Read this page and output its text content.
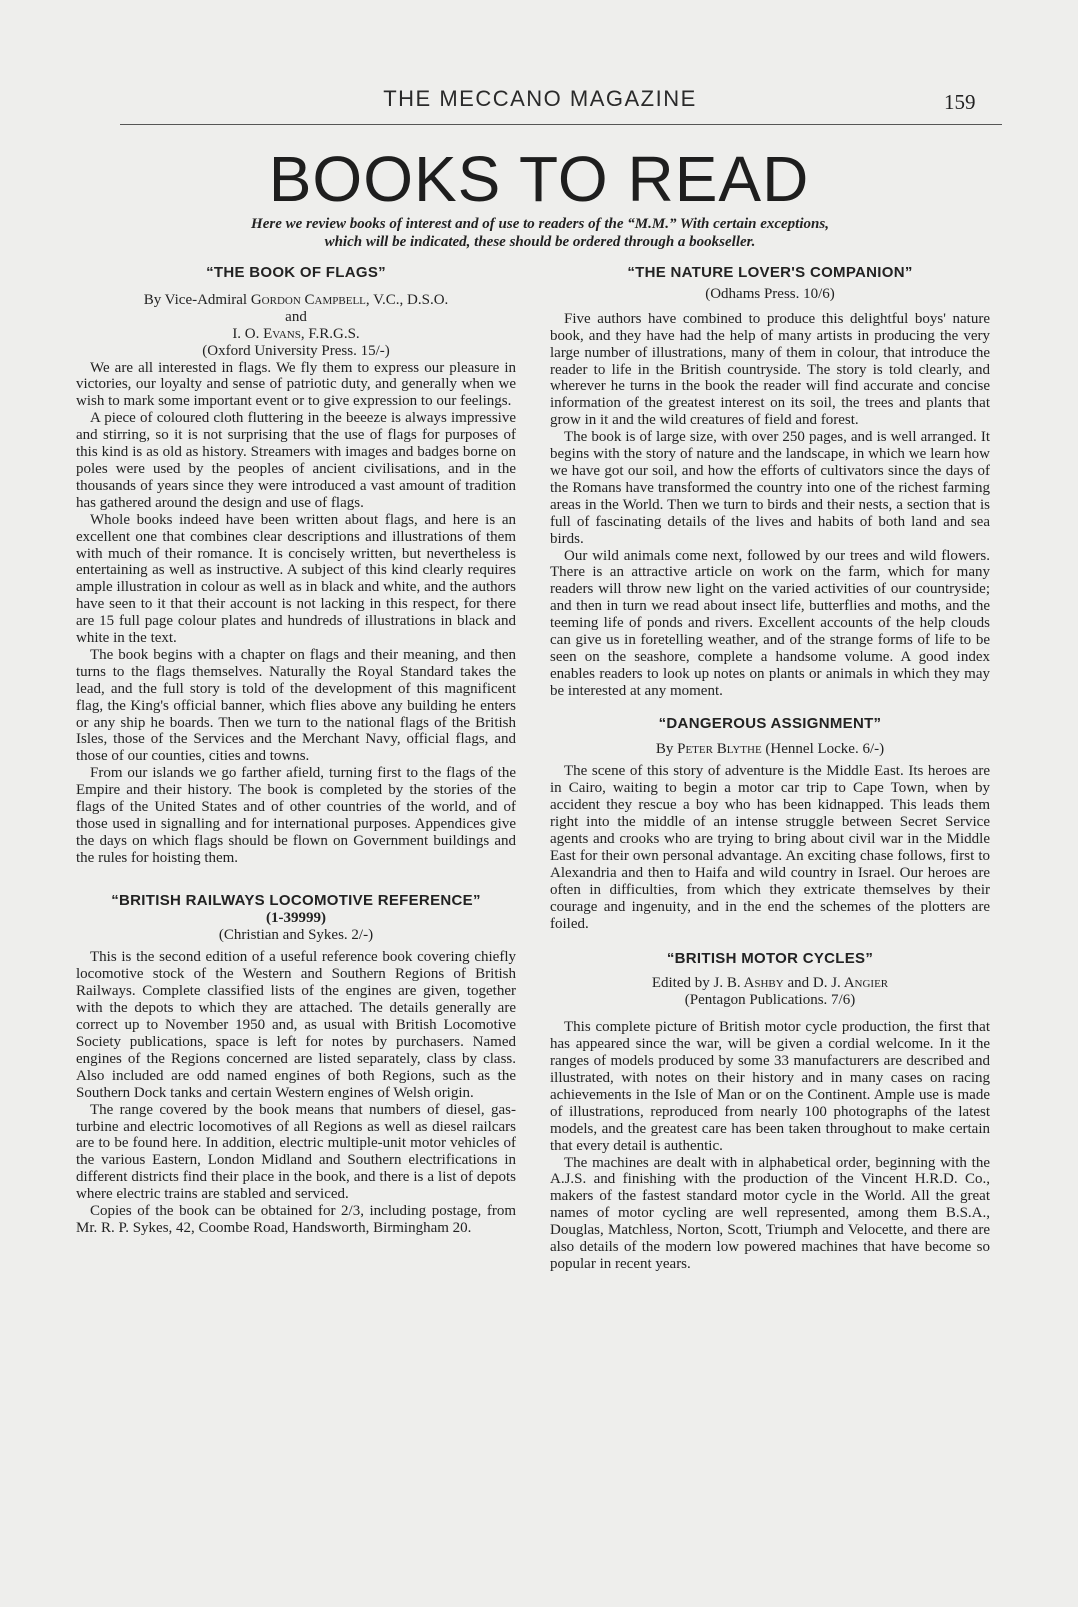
THE MECCANO MAGAZINE	159
BOOKS TO READ
Here we review books of interest and of use to readers of the “M.M.” With certain exceptions,
which will be indicated, these should be ordered through a bookseller.
“THE BOOK OF FLAGS”

By Vice-Admiral Gordon Campbell, V.C., D.S.O.

and

I. O. Evans, F.R.G.S.

(Oxford University Press. 15/-)

We are all interested in flags. We fly them to express our pleasure in victories, our loyalty and sense of patriotic duty, and generally when we wish to mark some important event or to give expression to our feelings.

A piece of coloured cloth fluttering in the beeeze is always impressive and stirring, so it is not surprising that the use of flags for purposes of this kind is as old as history. Streamers with images and badges borne on poles were used by the peoples of ancient civilisations, and in the thousands of years since they were introduced a vast amount of tradition has gathered around the design and use of flags.

Whole books indeed have been written about flags, and here is an excellent one that combines clear descriptions and illustrations of them with much of their romance. It is concisely written, but nevertheless is entertaining as well as instructive. A subject of this kind clearly requires ample illustration in colour as well as in black and white, and the authors have seen to it that their account is not lacking in this respect, for there are 15 full page colour plates and hundreds of illustrations in black and white in the text.

The book begins with a chapter on flags and their meaning, and then turns to the flags themselves. Naturally the Royal Standard takes the lead, and the full story is told of the development of this magnificent flag, the King's official banner, which flies above any building he enters or any ship he boards. Then we turn to the national flags of the British Isles, those of the Services and the Merchant Navy, official flags, and those of our counties, cities and towns.

From our islands we go farther afield, turning first to the flags of the Empire and their history. The book is completed by the stories of the flags of the United States and of other countries of the world, and of those used in signalling and for international purposes. Appendices give the days on which flags should be flown on Government buildings and the rules for hoisting them.

“BRITISH RAILWAYS LOCOMOTIVE REFERENCE”

(1-39999)

(Christian and Sykes. 2/-)

This is the second edition of a useful reference book covering chiefly locomotive stock of the Western and Southern Regions of British Railways. Complete classified lists of the engines are given, together with the depots to which they are attached. The details generally are correct up to November 1950 and, as usual with British Locomotive Society publications, space is left for notes by purchasers. Named engines of the Regions concerned are listed separately, class by class. Also included are odd named engines of both Regions, such as the Southern Dock tanks and certain Western engines of Welsh origin.

The range covered by the book means that numbers of diesel, gas-turbine and electric locomotives of all Regions as well as diesel railcars are to be found here. In addition, electric multiple-unit motor vehicles of the various Eastern, London Midland and Southern electrifications in different districts find their place in the book, and there is a list of depots where electric trains are stabled and serviced.

Copies of the book can be obtained for 2/3, including postage, from Mr. R. P. Sykes, 42, Coombe Road, Handsworth, Birmingham 20.

“THE NATURE LOVER'S COMPANION”

(Odhams Press. 10/6)

Five authors have combined to produce this delightful boys' nature book, and they have had the help of many artists in producing the very large number of illustrations, many of them in colour, that introduce the reader to life in the British countryside. The story is told clearly, and wherever he turns in the book the reader will find accurate and concise information of the greatest interest on its soil, the trees and plants that grow in it and the wild creatures of field and forest.

The book is of large size, with over 250 pages, and is well arranged. It begins with the story of nature and the landscape, in which we learn how we have got our soil, and how the efforts of cultivators since the days of the Romans have transformed the country into one of the richest farming areas in the World. Then we turn to birds and their nests, a section that is full of fascinating details of the lives and habits of both land and sea birds.

Our wild animals come next, followed by our trees and wild flowers. There is an attractive article on work on the farm, which for many readers will throw new light on the varied activities of our countryside; and then in turn we read about insect life, butterflies and moths, and the teeming life of ponds and rivers. Excellent accounts of the help clouds can give us in foretelling weather, and of the strange forms of life to be seen on the seashore, complete a handsome volume. A good index enables readers to look up notes on plants or animals in which they may be interested at any moment.

“DANGEROUS ASSIGNMENT”

By Peter Blythe (Hennel Locke. 6/-)

The scene of this story of adventure is the Middle East. Its heroes are in Cairo, waiting to begin a motor car trip to Cape Town, when by accident they rescue a boy who has been kidnapped. This leads them right into the middle of an intense struggle between Secret Service agents and crooks who are trying to bring about civil war in the Middle East for their own personal advantage. An exciting chase follows, first to Alexandria and then to Haifa and wild country in Israel. Our heroes are often in difficulties, from which they extricate themselves by their courage and ingenuity, and in the end the schemes of the plotters are foiled.

“BRITISH MOTOR CYCLES”

Edited by J. B. Ashby and D. J. Angier

(Pentagon Publications. 7/6)

This complete picture of British motor cycle production, the first that has appeared since the war, will be given a cordial welcome. In it the ranges of models produced by some 33 manufacturers are described and illustrated, with notes on their history and in many cases on racing achievements in the Isle of Man or on the Continent. Ample use is made of illustrations, reproduced from nearly 100 photographs of the latest models, and the greatest care has been taken throughout to make certain that every detail is authentic.

The machines are dealt with in alphabetical order, beginning with the A.J.S. and finishing with the production of the Vincent H.R.D. Co., makers of the fastest standard motor cycle in the World. All the great names of motor cycling are well represented, among them B.S.A., Douglas, Matchless, Norton, Scott, Triumph and Velocette, and there are also details of the modern low powered machines that have become so popular in recent years.
